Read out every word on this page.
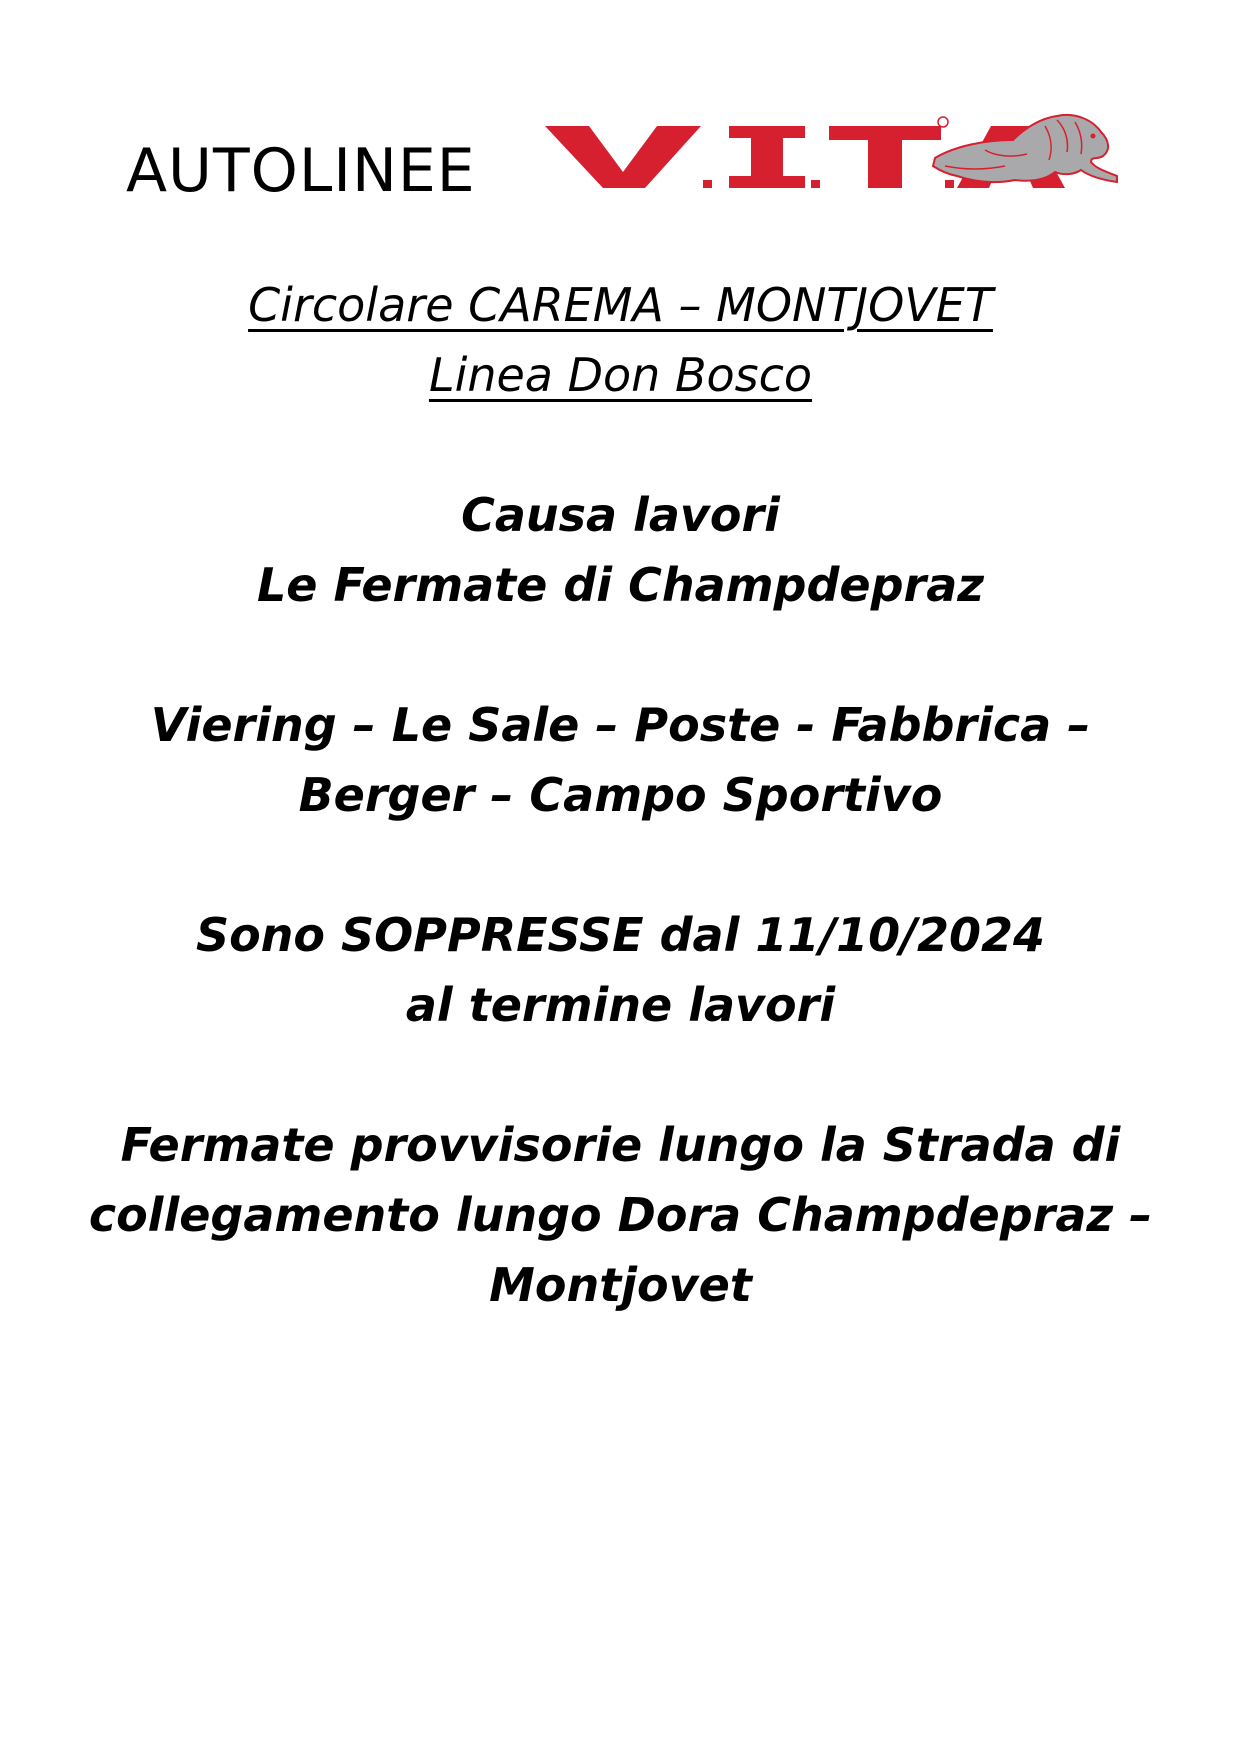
AUTOLINEE

Circolare CAREMA – MONTJOVET

Linea Don Bosco

Causa lavori

Le Fermate di Champdepraz

Viering – Le Sale – Poste - Fabbrica –

Berger – Campo Sportivo

Sono SOPPRESSE dal 11/10/2024

al termine lavori

Fermate provvisorie lungo la Strada di

collegamento lungo Dora Champdepraz –

Montjovet
